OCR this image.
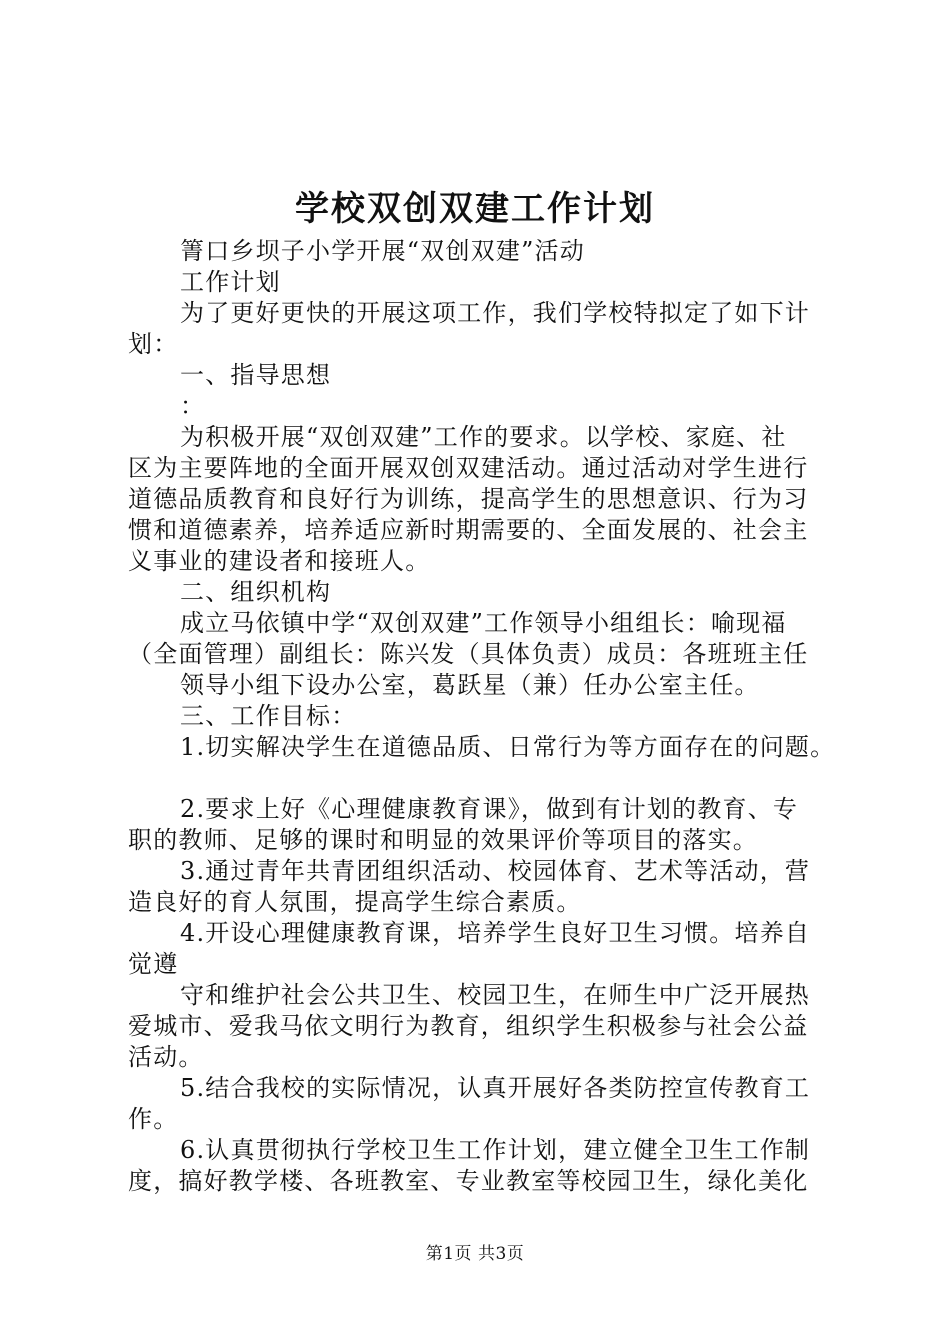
学校双创双建工作计划

箐口乡坝子小学开展“双创双建”活动

工作计划

为了更好更快的开展这项工作，我们学校特拟定了如下计

划：

一、指导思想

：

为积极开展“双创双建”工作的要求。以学校、家庭、社

区为主要阵地的全面开展双创双建活动。通过活动对学生进行

道德品质教育和良好行为训练，提高学生的思想意识、行为习

惯和道德素养，培养适应新时期需要的、全面发展的、社会主

义事业的建设者和接班人。

二、组织机构

成立马依镇中学“双创双建”工作领导小组组长：喻现福

（全面管理）副组长：陈兴发（具体负责）成员：各班班主任

领导小组下设办公室，葛跃星（兼）任办公室主任。

三、工作目标：

1.切实解决学生在道德品质、日常行为等方面存在的问题。

2.要求上好《心理健康教育课》，做到有计划的教育、专

职的教师、足够的课时和明显的效果评价等项目的落实。

3.通过青年共青团组织活动、校园体育、艺术等活动，营

造良好的育人氛围，提高学生综合素质。

4.开设心理健康教育课，培养学生良好卫生习惯。培养自

觉遵

守和维护社会公共卫生、校园卫生，在师生中广泛开展热

爱城市、爱我马依文明行为教育，组织学生积极参与社会公益

活动。

5.结合我校的实际情况，认真开展好各类防控宣传教育工

作。

6.认真贯彻执行学校卫生工作计划，建立健全卫生工作制

度，搞好教学楼、各班教室、专业教室等校园卫生，绿化美化

第1页 共3页
